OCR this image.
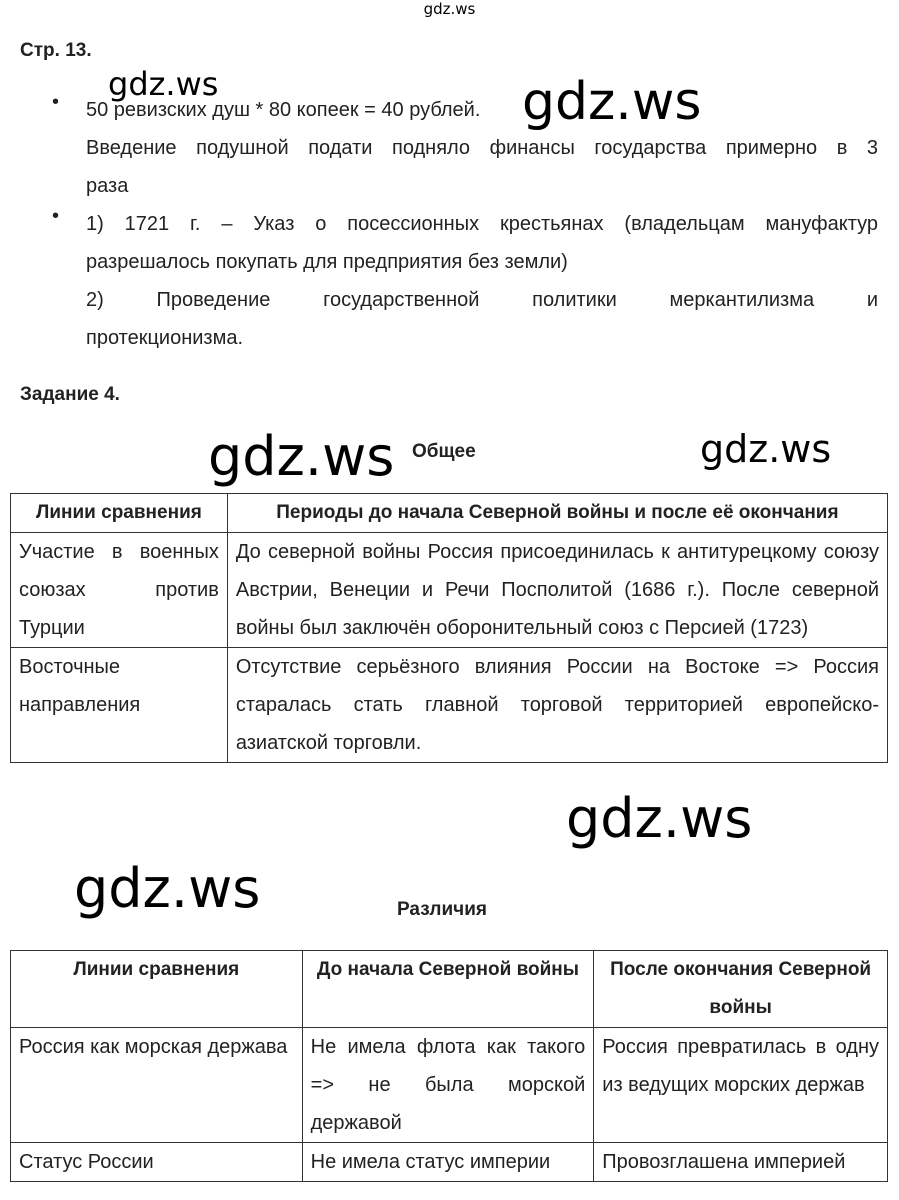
gdz.ws
Стр. 13.
gdz.ws	gdz.ws
gdz.ws	gdz.ws
gdz.ws
gdz.ws
• 50 ревизских душ * 80 копеек = 40 рублей.
Введение подушной подати подняло финансы государства примерно в 3
раза
• 1) 1721 г. – Указ о посессионных крестьянах (владельцам мануфактур
разрешалось покупать для предприятия без земли)
2) Проведение государственной политики меркантилизма и
протекционизма.
Задание 4.
Общее
Линии сравнения	Периоды до начала Северной войны и после её окончания
Участие в военных союзах против Турции	До северной войны Россия присоединилась к антитурецкому союзу Австрии, Венеции и Речи Посполитой (1686 г.). После северной войны был заключён оборонительный союз с Персией (1723)
Восточные направления	Отсутствие серьёзного влияния России на Востоке => Россия старалась стать главной торговой территорией европейско-азиатской торговли.
Различия
Линии сравнения	До начала Северной войны	После окончания Северной войны
Россия как морская держава	Не имела флота как такого => не была морской державой	Россия превратилась в одну из ведущих морских держав
Статус России	Не имела статус империи	Провозглашена империей
